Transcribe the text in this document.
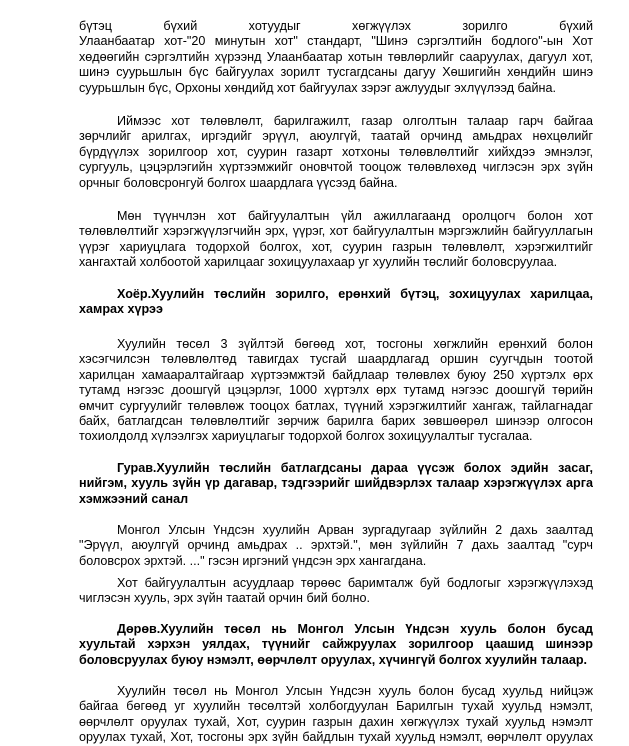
бүтэц бүхий хотуудыг хөгжүүлэх зорилго бүхий
Улаанбаатар хот-"20 минутын хот" стандарт, "Шинэ сэргэлтийн бодлого"-ын Хот
хөдөөгийн сэргэлтийн хүрээнд Улаанбаатар хотын төвлөрлийг сааруулах, дагуул хот,
шинэ суурьшлын бүс байгуулах зорилт тусгагдсаны дагуу Хөшигийн хөндийн шинэ
суурьшлын бүс, Орхоны хөндийд хот байгуулах зэрэг ажлуудыг эхлүүлээд байна.
Иймээс хот төлөвлөлт, барилгажилт, газар олголтын талаар гарч байгаа
зөрчлийг арилгах, иргэдийг эрүүл, аюулгүй, таатай орчинд амьдрах нөхцөлийг
бүрдүүлэх зорилгоор хот, суурин газарт хотхоны төлөвлөлтийг хийхдээ эмнэлэг,
сургууль, цэцэрлэгийн хүртээмжийг оновчтой тооцож төлөвлөхөд чиглэсэн эрх зүйн
орчныг боловсронгуй болгох шаардлага үүсээд байна.
Мөн түүнчлэн хот байгуулалтын үйл ажиллагаанд оролцогч болон хот
төлөвлөлтийг хэрэгжүүлэгчийн эрх, үүрэг, хот байгуулалтын мэргэжлийн байгууллагын
үүрэг хариуцлага тодорхой болгох, хот, суурин газрын төлөвлөлт, хэрэгжилтийг
хангахтай холбоотой харилцааг зохицуулахаар уг хуулийн төслийг боловсруулаа.
Хоёр.Хуулийн төслийн зорилго, ерөнхий бүтэц, зохицуулах харилцаа,
хамрах хүрээ
Хуулийн төсөл 3 зүйлтэй бөгөөд хот, тосгоны хөгжлийн ерөнхий болон
хэсэгчилсэн төлөвлөлтөд тавигдах тусгай шаардлагад оршин суугчдын тоотой
харилцан хамааралтайгаар хүртээмжтэй байдлаар төлөвлөх буюу 250 хүртэлх өрх
тутамд нэгээс доошгүй цэцэрлэг, 1000 хүртэлх өрх тутамд нэгээс доошгүй төрийн
өмчит сургуулийг төлөвлөж тооцох батлах, түүний хэрэгжилтийг хангаж, тайлагнадаг
байх, батлагдсан төлөвлөлтийг зөрчиж барилга барих зөвшөөрөл шинээр олгосон
тохиолдолд хүлээлгэх хариуцлагыг тодорхой болгох зохицуулалтыг тусгалаа.
Гурав.Хуулийн төслийн батлагдсаны дараа үүсэж болох эдийн засаг,
нийгэм, хууль зүйн үр дагавар, тэдгээрийг шийдвэрлэх талаар хэрэгжүүлэх арга
хэмжээний санал
Монгол Улсын Үндсэн хуулийн Арван зургадугаар зүйлийн 2 дахь заалтад
"Эрүүл, аюулгүй орчинд амьдрах .. эрхтэй.", мөн зүйлийн 7 дахь заалтад "сурч
боловсрох эрхтэй. ..." гэсэн иргэний үндсэн эрх хангагдана.
Хот байгуулалтын асуудлаар төрөөс баримталж буй бодлогыг хэрэгжүүлэхэд
чиглэсэн хууль, эрх зүйн таатай орчин бий болно.
Дөрөв.Хуулийн төсөл нь Монгол Улсын Үндсэн хууль болон бусад
хуультай хэрхэн уялдах, түүнийг сайжруулах зорилгоор цаашид шинээр
боловсруулах буюу нэмэлт, өөрчлөлт оруулах, хүчингүй болгох хуулийн талаар.
Хуулийн төсөл нь Монгол Улсын Үндсэн хууль болон бусад хуульд нийцэж
байгаа бөгөөд уг хуулийн төсөлтэй холбогдуулан Барилгын тухай хуульд нэмэлт,
өөрчлөлт оруулах тухай, Хот, суурин газрын дахин хөгжүүлэх тухай хуульд нэмэлт
оруулах тухай, Хот, тосгоны эрх зүйн байдлын тухай хуульд нэмэлт, өөрчлөлт оруулах
